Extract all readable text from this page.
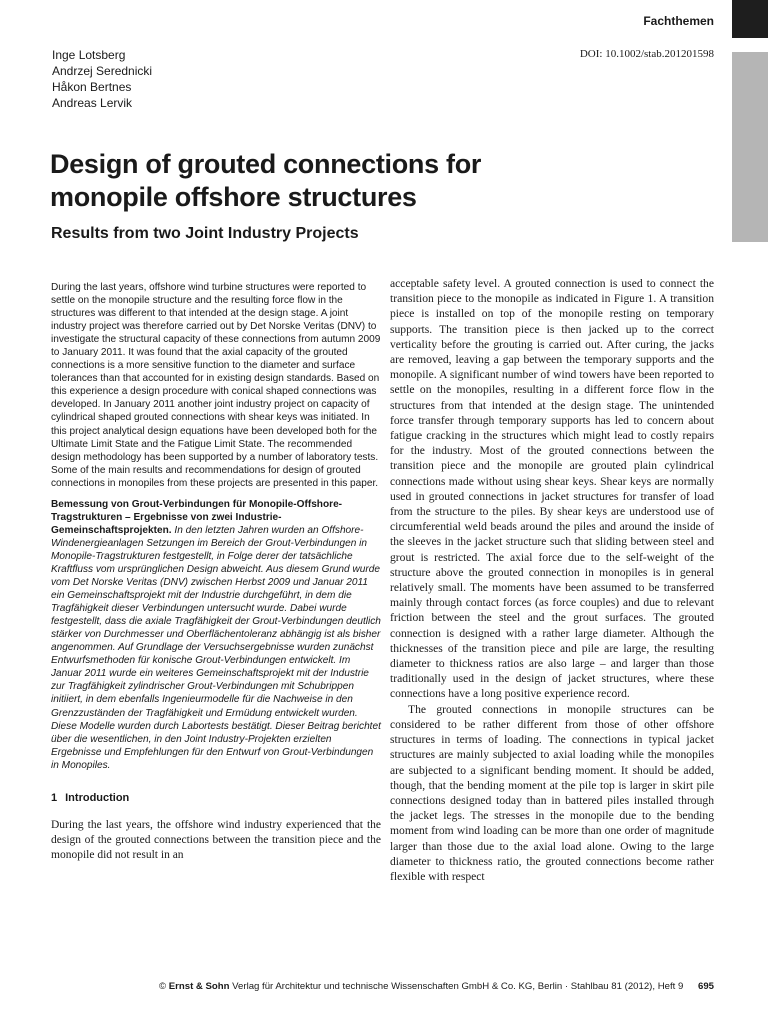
Fachthemen
DOI: 10.1002/stab.201201598
Inge Lotsberg
Andrzej Serednicki
Håkon Bertnes
Andreas Lervik
Design of grouted connections for
monopile offshore structures
Results from two Joint Industry Projects
During the last years, offshore wind turbine structures were reported to settle on the monopile structure and the resulting force flow in the structures was different to that intended at the design stage. A joint industry project was therefore carried out by Det Norske Veritas (DNV) to investigate the structural capacity of these connections from autumn 2009 to January 2011. It was found that the axial capacity of the grouted connections is a more sensitive function to the diameter and surface tolerances than that accounted for in existing design standards. Based on this experience a design procedure with conical shaped connections was developed. In January 2011 another joint industry project on capacity of cylindrical shaped grouted connections with shear keys was initiated. In this project analytical design equations have been developed both for the Ultimate Limit State and the Fatigue Limit State. The recommended design methodology has been supported by a number of laboratory tests. Some of the main results and recommendations for design of grouted connections in monopiles from these projects are presented in this paper.
Bemessung von Grout-Verbindungen für Monopile-Offshore-Tragstrukturen – Ergebnisse von zwei Industrie-Gemeinschaftsprojekten. In den letzten Jahren wurden an Offshore-Windenergieanlagen Setzungen im Bereich der Grout-Verbindungen in Monopile-Tragstrukturen festgestellt, in Folge derer der tatsächliche Kraftfluss vom ursprünglichen Design abweicht. Aus diesem Grund wurde vom Det Norske Veritas (DNV) zwischen Herbst 2009 und Januar 2011 ein Gemeinschaftsprojekt mit der Industrie durchgeführt, in dem die Tragfähigkeit dieser Verbindungen untersucht wurde. Dabei wurde festgestellt, dass die axiale Tragfähigkeit der Grout-Verbindungen deutlich stärker von Durchmesser und Oberflächentoleranz abhängig ist als bisher angenommen. Auf Grundlage der Versuchsergebnisse wurden zunächst Entwurfsmethoden für konische Grout-Verbindungen entwickelt. Im Januar 2011 wurde ein weiteres Gemeinschaftsprojekt mit der Industrie zur Tragfähigkeit zylindrischer Grout-Verbindungen mit Schubrippen initiiert, in dem ebenfalls Ingenieurmodelle für die Nachweise in den Grenzzuständen der Tragfähigkeit und Ermüdung entwickelt wurden. Diese Modelle wurden durch Labortests bestätigt. Dieser Beitrag berichtet über die wesentlichen, in den Joint Industry-Projekten erzielten Ergebnisse und Empfehlungen für den Entwurf von Grout-Verbindungen in Monopiles.
1 Introduction
During the last years, the offshore wind industry experienced that the design of the grouted connections between the transition piece and the monopile did not result in an

acceptable safety level. A grouted connection is used to connect the transition piece to the monopile as indicated in Figure 1. A transition piece is installed on top of the monopile resting on temporary supports. The transition piece is then jacked up to the correct verticality before the grouting is carried out. After curing, the jacks are removed, leaving a gap between the temporary supports and the monopile. A significant number of wind towers have been reported to settle on the monopiles, resulting in a different force flow in the structures from that intended at the design stage. The unintended force transfer through temporary supports has led to concern about fatigue cracking in the structures which might lead to costly repairs for the industry. Most of the grouted connections between the transition piece and the monopile are grouted plain cylindrical connections made without using shear keys. Shear keys are normally used in grouted connections in jacket structures for transfer of load from the structure to the piles. By shear keys are understood use of circumferential weld beads around the piles and around the inside of the sleeves in the jacket structure such that sliding between steel and grout is restricted. The axial force due to the self-weight of the structure above the grouted connection in monopiles is in general relatively small. The moments have been assumed to be transferred mainly through contact forces (as force couples) and due to relevant friction between the steel and the grout surfaces. The grouted connection is designed with a rather large diameter. Although the thicknesses of the transition piece and pile are large, the resulting diameter to thickness ratios are also large – and larger than those traditionally used in the design of jacket structures, where these connections have a long positive experience record.

The grouted connections in monopile structures can be considered to be rather different from those of other offshore structures in terms of loading. The connections in typical jacket structures are mainly subjected to axial loading while the monopiles are subjected to a significant bending moment. It should be added, though, that the bending moment at the pile top is larger in skirt pile connections designed today than in battered piles installed through the jacket legs. The stresses in the monopile due to the bending moment from wind loading can be more than one order of magnitude larger than those due to the axial load alone. Owing to the large diameter to thickness ratio, the grouted connections become rather flexible with respect

© Ernst & Sohn Verlag für Architektur und technische Wissenschaften GmbH & Co. KG, Berlin · Stahlbau 81 (2012), Heft 9 695
